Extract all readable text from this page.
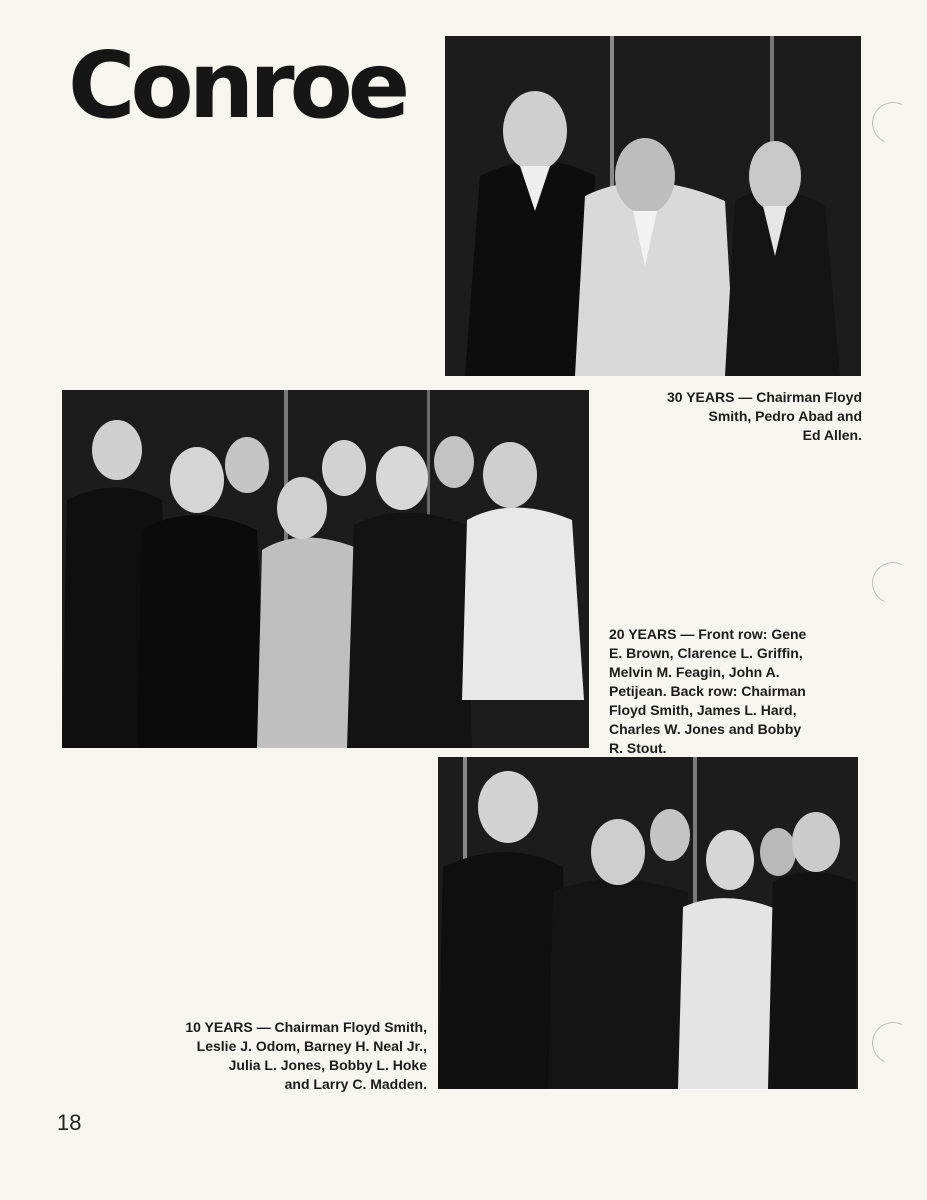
Conroe
30 YEARS — Chairman Floyd
Smith, Pedro Abad and
Ed Allen.
20 YEARS — Front row: Gene
E. Brown, Clarence L. Griffin,
Melvin M. Feagin, John A.
Petijean. Back row: Chairman
Floyd Smith, James L. Hard,
Charles W. Jones and Bobby
R. Stout.
10 YEARS — Chairman Floyd Smith,
Leslie J. Odom, Barney H. Neal Jr.,
Julia L. Jones, Bobby L. Hoke
and Larry C. Madden.
18
